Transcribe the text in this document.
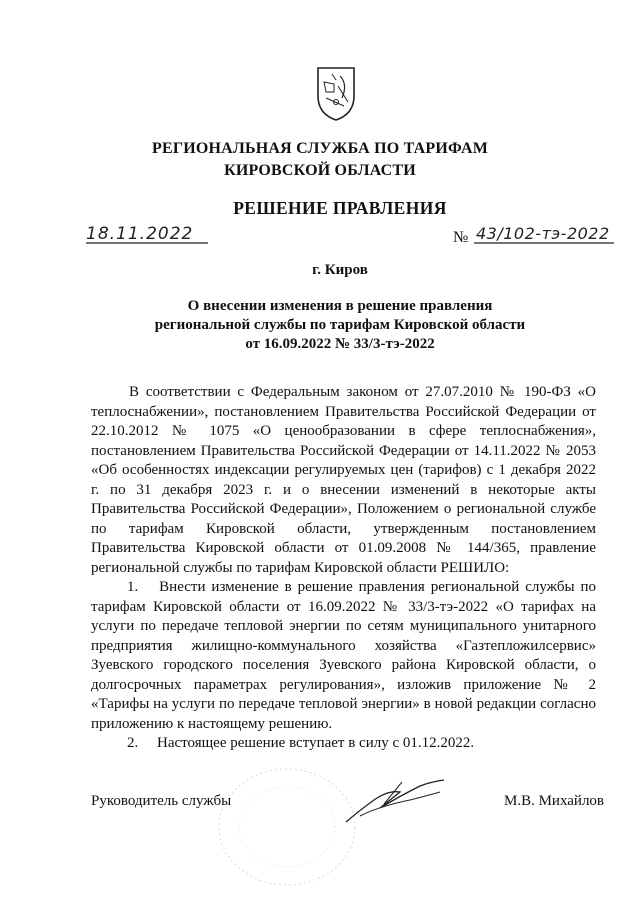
РЕГИОНАЛЬНАЯ СЛУЖБА ПО ТАРИФАМ
КИРОВСКОЙ ОБЛАСТИ
РЕШЕНИЕ ПРАВЛЕНИЯ
18.11.2022	№ 43/102-тэ-2022
г. Киров
О внесении изменения в решение правления
региональной службы по тарифам Кировской области
от 16.09.2022 № 33/3-тэ-2022

В соответствии с Федеральным законом от 27.07.2010 № 190-ФЗ «О теплоснабжении», постановлением Правительства Российской Федерации от 22.10.2012 № 1075 «О ценообразовании в сфере теплоснабжения», постановлением Правительства Российской Федерации от 14.11.2022 № 2053 «Об особенностях индексации регулируемых цен (тарифов) с 1 декабря 2022 г. по 31 декабря 2023 г. и о внесении изменений в некоторые акты Правительства Российской Федерации», Положением о региональной службе по тарифам Кировской области, утвержденным постановлением Правительства Кировской области от 01.09.2008 № 144/365, правление региональной службы по тарифам Кировской области РЕШИЛО:

1.  Внести изменение в решение правления региональной службы по тарифам Кировской области от 16.09.2022 № 33/3-тэ-2022 «О тарифах на услуги по передаче тепловой энергии по сетям муниципального унитарного предприятия жилищно-коммунального хозяйства «Газтепложилсервис» Зуевского городского поселения Зуевского района Кировской области, о долгосрочных параметрах регулирования», изложив приложение № 2 «Тарифы на услуги по передаче тепловой энергии» в новой редакции согласно приложению к настоящему решению.

2.  Настоящее решение вступает в силу с 01.12.2022.

Руководитель службы	М.В. Михайлов
